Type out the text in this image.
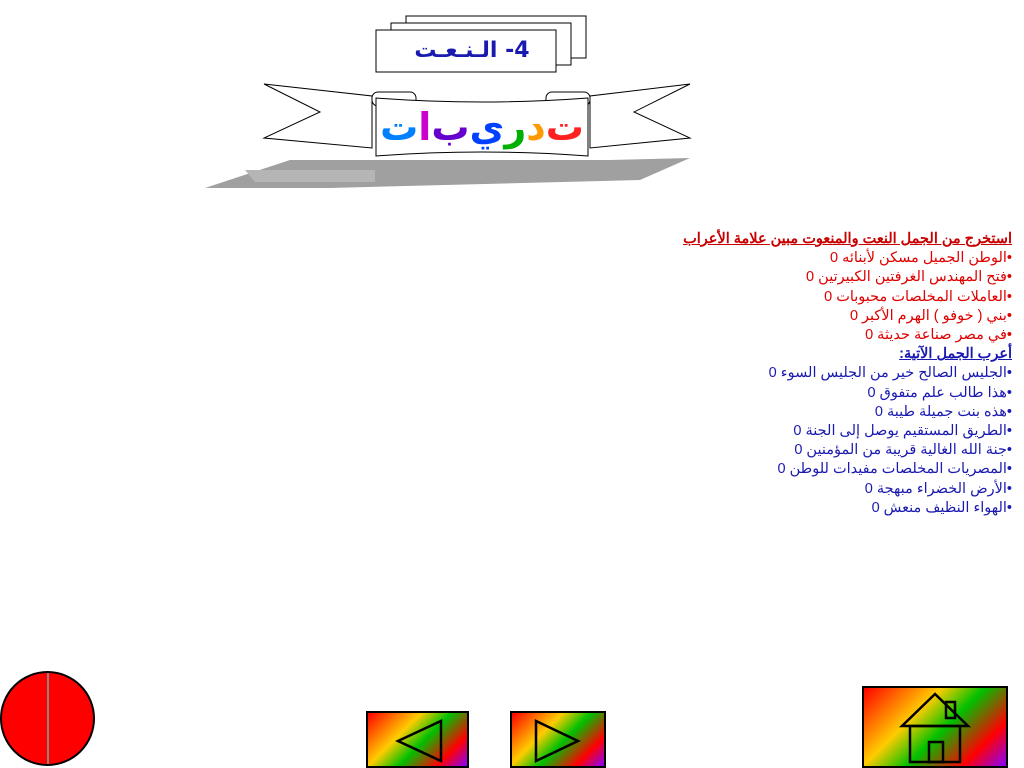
4- الـنـعـت
ت
د
ر
ي
ب
ا
ت
استخرج من الجمل النعت والمنعوت مبين علامة الأعراب
•الوطن الجميل مسكن لأبنائه 0
•فتح المهندس الغرفتين الكبيرتين 0
•العاملات المخلصات محبوبات 0
•بني ( خوفو ) الهرم الأكبر 0
•في مصر صناعة حديثة 0
أعرب الجمل الآتية:
•الجليس الصالح خير من الجليس السوء 0
•هذا طالب علم متفوق 0
•هذه بنت جميلة طيبة 0
•الطريق المستقيم يوصل إلى الجنة 0
•جنة الله الغالية قريبة من المؤمنين 0
•المصريات المخلصات مفيدات للوطن 0
•الأرض الخضراء مبهجة 0
•الهواء النظيف منعش 0
